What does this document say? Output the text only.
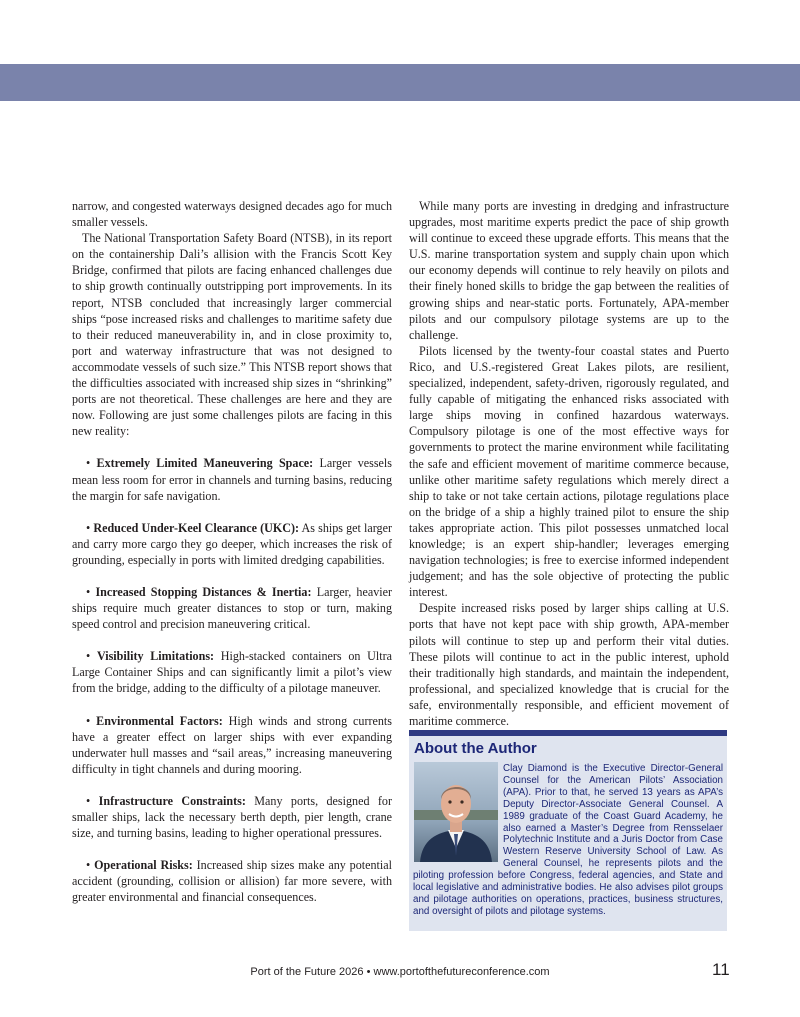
narrow, and congested waterways designed decades ago for much smaller vessels.

The National Transportation Safety Board (NTSB), in its report on the containership Dali’s allision with the Francis Scott Key Bridge, confirmed that pilots are facing enhanced challenges due to ship growth continually outstripping port improvements. In its report, NTSB concluded that increasingly larger commercial ships “pose increased risks and challenges to maritime safety due to their reduced maneuverability in, and in close proximity to, port and waterway infrastructure that was not designed to accommodate vessels of such size.” This NTSB report shows that the difficulties associated with increased ship sizes in “shrinking” ports are not theoretical. These challenges are here and they are now. Following are just some challenges pilots are facing in this new reality:

• Extremely Limited Maneuvering Space: Larger vessels mean less room for error in channels and turning basins, reducing the margin for safe navigation.

• Reduced Under-Keel Clearance (UKC): As ships get larger and carry more cargo they go deeper, which increases the risk of grounding, especially in ports with limited dredging capabilities.

• Increased Stopping Distances & Inertia: Larger, heavier ships require much greater distances to stop or turn, making speed control and precision maneuvering critical.

• Visibility Limitations: High-stacked containers on Ultra Large Container Ships and can significantly limit a pilot’s view from the bridge, adding to the difficulty of a pilotage maneuver.

• Environmental Factors: High winds and strong currents have a greater effect on larger ships with ever expanding underwater hull masses and “sail areas,” increasing maneuvering difficulty in tight channels and during mooring.

• Infrastructure Constraints: Many ports, designed for smaller ships, lack the necessary berth depth, pier length, crane size, and turning basins, leading to higher operational pressures.

• Operational Risks: Increased ship sizes make any potential accident (grounding, collision or allision) far more severe, with greater environmental and financial consequences.

While many ports are investing in dredging and infrastructure upgrades, most maritime experts predict the pace of ship growth will continue to exceed these upgrade efforts. This means that the U.S. marine transportation system and supply chain upon which our economy depends will continue to rely heavily on pilots and their finely honed skills to bridge the gap between the realities of growing ships and near-static ports. Fortunately, APA-member pilots and our compulsory pilotage systems are up to the challenge.

Pilots licensed by the twenty-four coastal states and Puerto Rico, and U.S.-registered Great Lakes pilots, are resilient, specialized, independent, safety-driven, rigorously regulated, and fully capable of mitigating the enhanced risks associated with large ships moving in confined hazardous waterways. Compulsory pilotage is one of the most effective ways for governments to protect the marine environment while facilitating the safe and efficient movement of maritime commerce because, unlike other maritime safety regulations which merely direct a ship to take or not take certain actions, pilotage regulations place on the bridge of a ship a highly trained pilot to ensure the ship takes appropriate action. This pilot possesses unmatched local knowledge; is an expert ship-handler; leverages emerging navigation technologies; is free to exercise informed independent judgement; and has the sole objective of protecting the public interest.

Despite increased risks posed by larger ships calling at U.S. ports that have not kept pace with ship growth, APA-member pilots will continue to step up and perform their vital duties. These pilots will continue to act in the public interest, uphold their traditionally high standards, and maintain the independent, professional, and specialized knowledge that is crucial for the safe, environmentally responsible, and efficient movement of maritime commerce.

About the Author
Clay Diamond is the Executive Director-General Counsel for the American Pilots’ Association (APA). Prior to that, he served 13 years as APA’s Deputy Director-Associate General Counsel. A 1989 graduate of the Coast Guard Academy, he also earned a Master’s Degree from Rensselaer Polytechnic Institute and a Juris Doctor from Case Western Reserve University School of Law. As General Counsel, he represents pilots and the piloting profession before Congress, federal agencies, and State and local legislative and administrative bodies. He also advises pilot groups and pilotage authorities on operations, practices, business structures, and oversight of pilots and pilotage systems.
Port of the Future 2026 • www.portofthefutureconference.com	11
